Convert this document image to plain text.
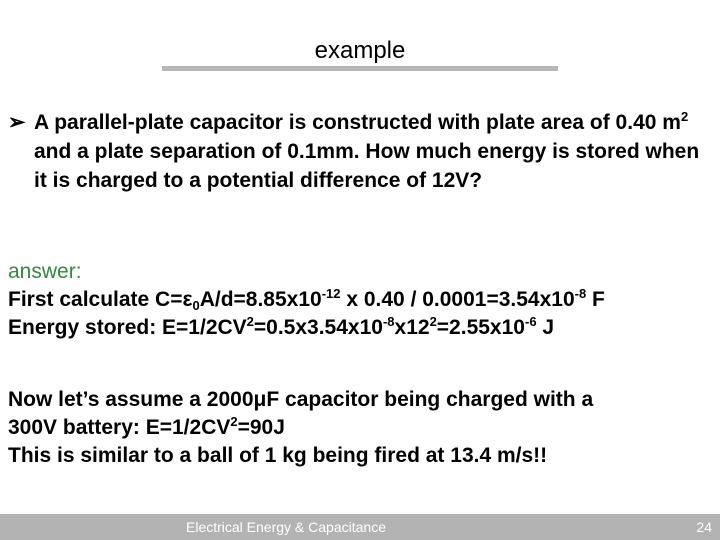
example
➢ A parallel-plate capacitor is constructed with plate area of 0.40 $m^2$ and a plate separation of 0.1mm. How much energy is stored when it is charged to a potential difference of 12V?
answer:
First calculate $C=\varepsilon_0A/d=8.85x10^{-12}$ x $0.40 / 0.0001=3.54x10^{-8}$ F
Energy stored: $E=1/2CV^2=0.5x3.54x10^{-8}x12^2=2.55x10^{-6}$ J
Now let’s assume a 2000μF capacitor being charged with a
300V battery: $E=1/2CV^2=90J$
This is similar to a ball of 1 kg being fired at 13.4 m/s!!
Electrical Energy & Capacitance	24
